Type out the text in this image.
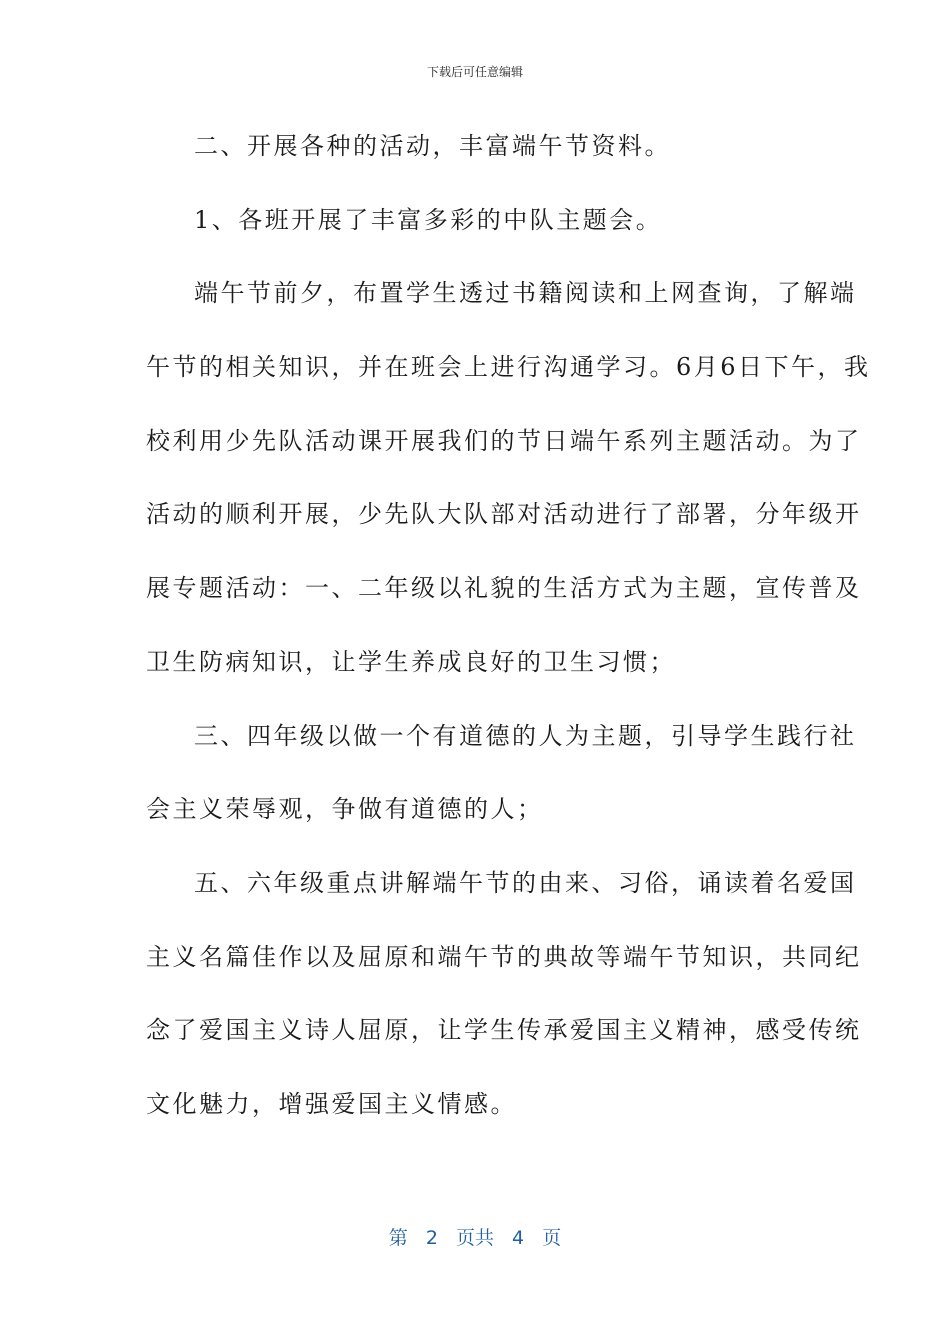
下载后可任意编辑
二、开展各种的活动，丰富端午节资料。
1、各班开展了丰富多彩的中队主题会。
端午节前夕，布置学生透过书籍阅读和上网查询，了解端
午节的相关知识，并在班会上进行沟通学习。6月6日下午，我
校利用少先队活动课开展我们的节日端午系列主题活动。为了
活动的顺利开展，少先队大队部对活动进行了部署，分年级开
展专题活动：一、二年级以礼貌的生活方式为主题，宣传普及
卫生防病知识，让学生养成良好的卫生习惯；
三、四年级以做一个有道德的人为主题，引导学生践行社
会主义荣辱观，争做有道德的人；
五、六年级重点讲解端午节的由来、习俗，诵读着名爱国
主义名篇佳作以及屈原和端午节的典故等端午节知识，共同纪
念了爱国主义诗人屈原，让学生传承爱国主义精神，感受传统
文化魅力，增强爱国主义情感。
第 2 页共 4 页
